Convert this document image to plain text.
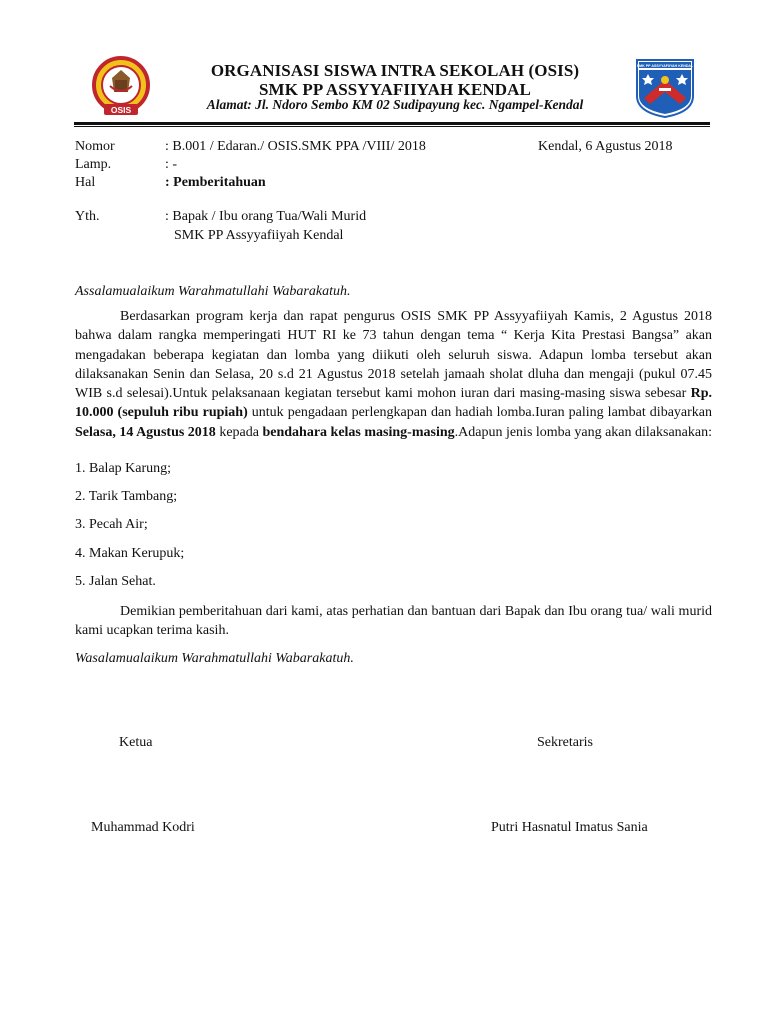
OSIS
SMK PP ASSYYAFIIYAH KENDAL
ORGANISASI SISWA INTRA SEKOLAH (OSIS)
SMK PP ASSYYAFIIYAH KENDAL
Alamat: Jl. Ndoro Sembo KM 02 Sudipayung kec. Ngampel-Kendal
Nomor	: B.001 / Edaran./ OSIS.SMK PPA /VIII/ 2018	Kendal, 6 Agustus 2018
Lamp.	: -
Hal	: Pemberitahuan
Yth.	: Bapak / Ibu orang Tua/Wali Murid
SMK PP Assyyafiiyah Kendal
Assalamualaikum Warahmatullahi Wabarakatuh.
Berdasarkan program kerja dan rapat pengurus OSIS SMK PP Assyyafiiyah Kamis, 2 Agustus 2018 bahwa dalam rangka memperingati HUT RI ke 73 tahun dengan tema “ Kerja Kita Prestasi Bangsa” akan mengadakan beberapa kegiatan dan lomba yang diikuti oleh seluruh siswa. Adapun lomba tersebut akan dilaksanakan Senin dan Selasa, 20 s.d 21 Agustus 2018 setelah jamaah sholat dluha dan mengaji (pukul 07.45 WIB s.d selesai).Untuk pelaksanaan kegiatan tersebut kami mohon iuran dari masing-masing siswa sebesar Rp. 10.000 (sepuluh ribu rupiah) untuk pengadaan perlengkapan dan hadiah lomba.Iuran paling lambat dibayarkan Selasa, 14 Agustus 2018 kepada bendahara kelas masing-masing.Adapun jenis lomba yang akan dilaksanakan:
1. Balap Karung;
2. Tarik Tambang;
3. Pecah Air;
4. Makan Kerupuk;
5. Jalan Sehat.
Demikian pemberitahuan dari kami, atas perhatian dan bantuan dari Bapak dan Ibu orang tua/ wali murid kami ucapkan terima kasih.
Wasalamualaikum Warahmatullahi Wabarakatuh.
Ketua	Sekretaris
Muhammad Kodri	Putri Hasnatul Imatus Sania
